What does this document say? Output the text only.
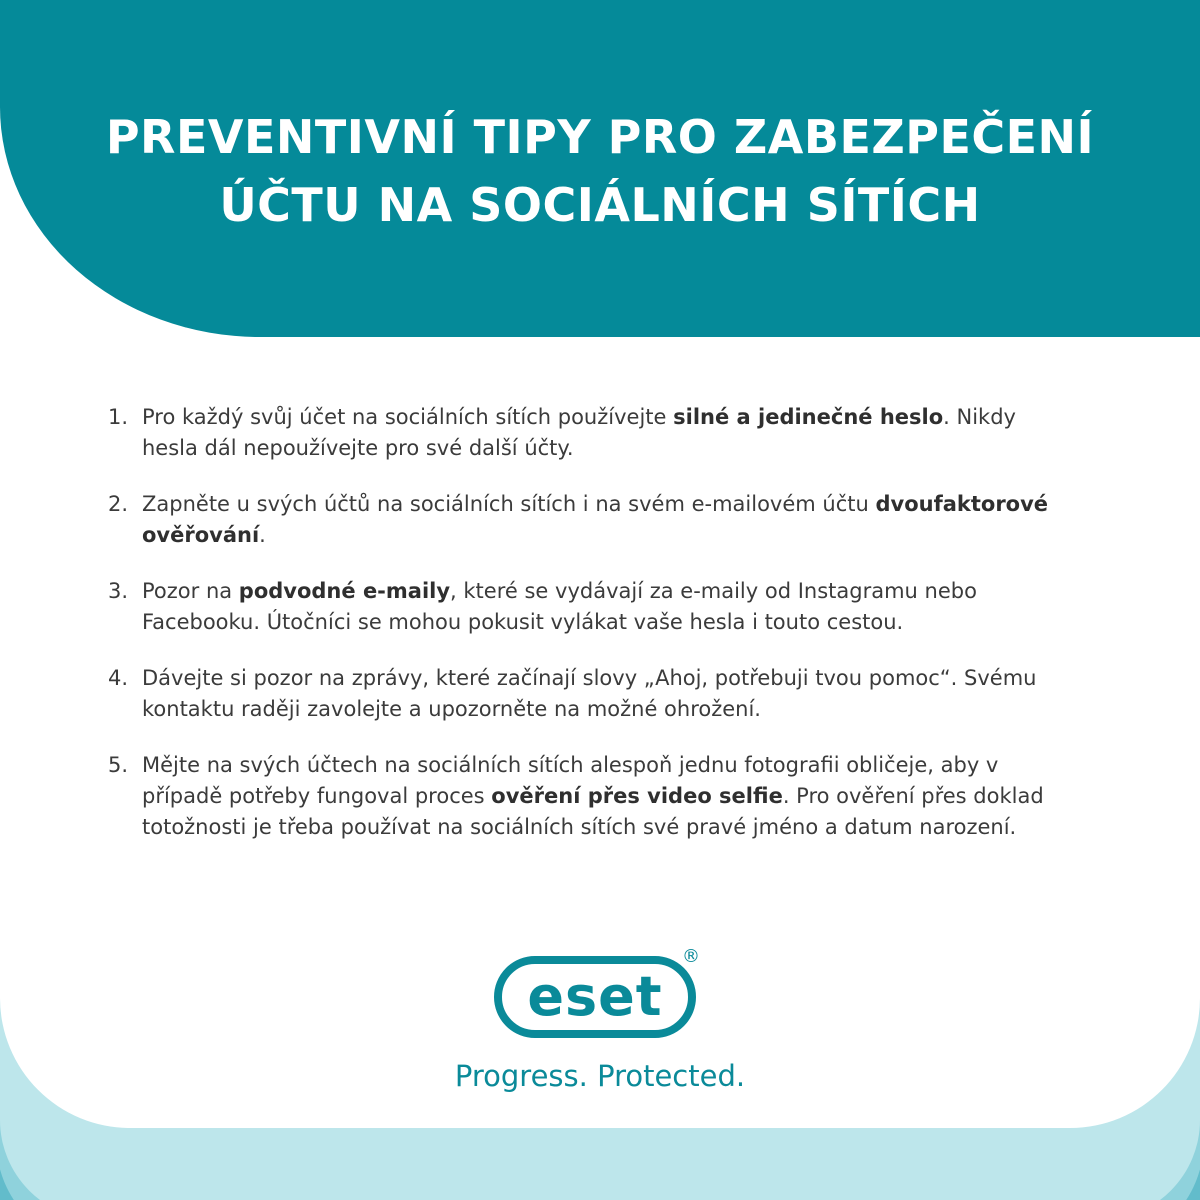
PREVENTIVNÍ TIPY PRO ZABEZPEČENÍ
ÚČTU NA SOCIÁLNÍCH SÍTÍCH
1. Pro každý svůj účet na sociálních sítích používejte silné a jedinečné heslo. Nikdy hesla dál nepoužívejte pro své další účty.
2. Zapněte u svých účtů na sociálních sítích i na svém e-mailovém účtu dvoufaktorové ověřování.
3. Pozor na podvodné e-maily, které se vydávají za e-maily od Instagramu nebo Facebooku. Útočníci se mohou pokusit vylákat vaše hesla i touto cestou.
4. Dávejte si pozor na zprávy, které začínají slovy „Ahoj, potřebuji tvou pomoc“. Svému kontaktu raději zavolejte a upozorněte na možné ohrožení.
5. Mějte na svých účtech na sociálních sítích alespoň jednu fotografii obličeje, aby v případě potřeby fungoval proces ověření přes video selfie. Pro ověření přes doklad totožnosti je třeba používat na sociálních sítích své pravé jméno a datum narození.
eset
®
Progress. Protected.
